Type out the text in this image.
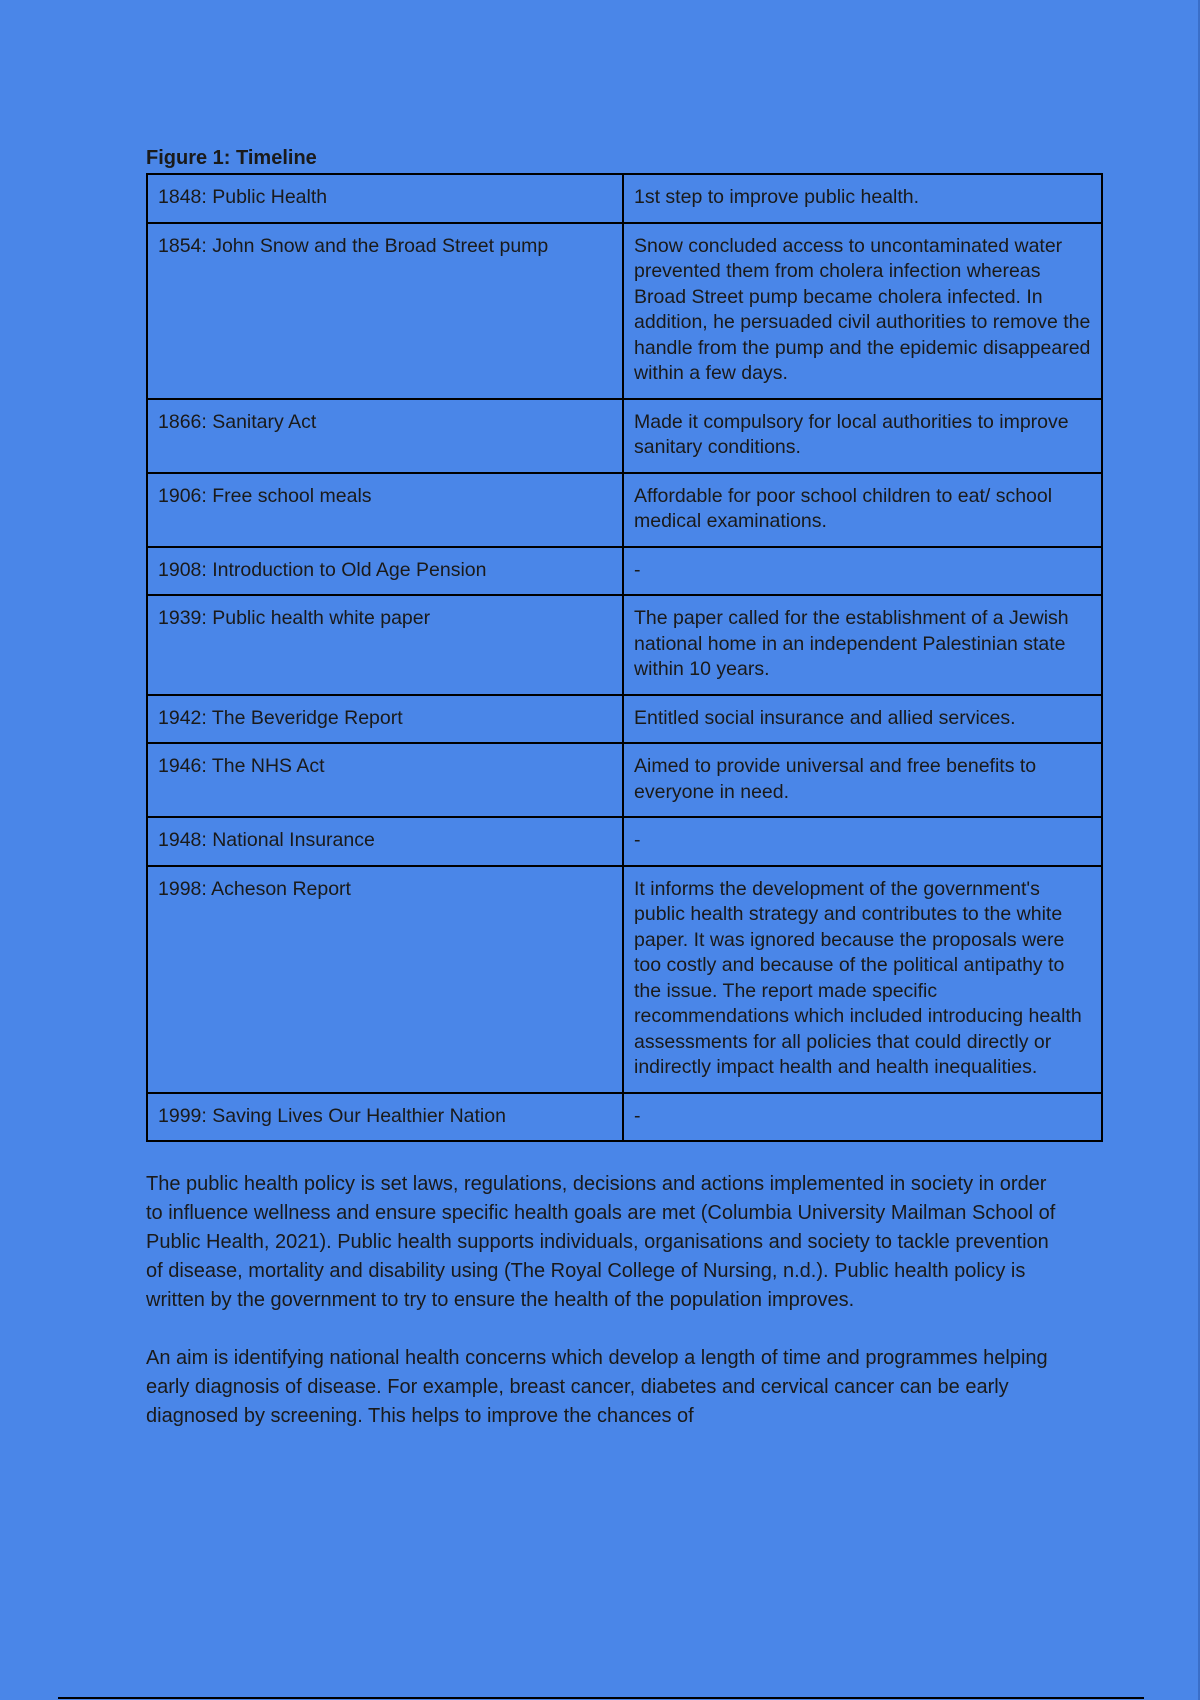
Figure 1: Timeline
1848: Public Health	1st step to improve public health.
1854: John Snow and the Broad Street pump	Snow concluded access to uncontaminated water prevented them from cholera infection whereas Broad Street pump became cholera infected. In addition, he persuaded civil authorities to remove the handle from the pump and the epidemic disappeared within a few days.
1866: Sanitary Act	Made it compulsory for local authorities to improve sanitary conditions.
1906: Free school meals	Affordable for poor school children to eat/ school medical examinations.
1908: Introduction to Old Age Pension	-
1939: Public health white paper	The paper called for the establishment of a Jewish national home in an independent Palestinian state within 10 years.
1942: The Beveridge Report	Entitled social insurance and allied services.
1946: The NHS Act	Aimed to provide universal and free benefits to everyone in need.
1948: National Insurance	-
1998: Acheson Report	It informs the development of the government's public health strategy and contributes to the white paper. It was ignored because the proposals were too costly and because of the political antipathy to the issue. The report made specific recommendations which included introducing health assessments for all policies that could directly or indirectly impact health and health inequalities.
1999: Saving Lives Our Healthier Nation	-

The public health policy is set laws, regulations, decisions and actions implemented in society in order to influence wellness and ensure specific health goals are met (Columbia University Mailman School of Public Health, 2021). Public health supports individuals, organisations and society to tackle prevention of disease, mortality and disability using (The Royal College of Nursing, n.d.). Public health policy is written by the government to try to ensure the health of the population improves.

An aim is identifying national health concerns which develop a length of time and programmes helping early diagnosis of disease. For example, breast cancer, diabetes and cervical cancer can be early diagnosed by screening. This helps to improve the chances of
